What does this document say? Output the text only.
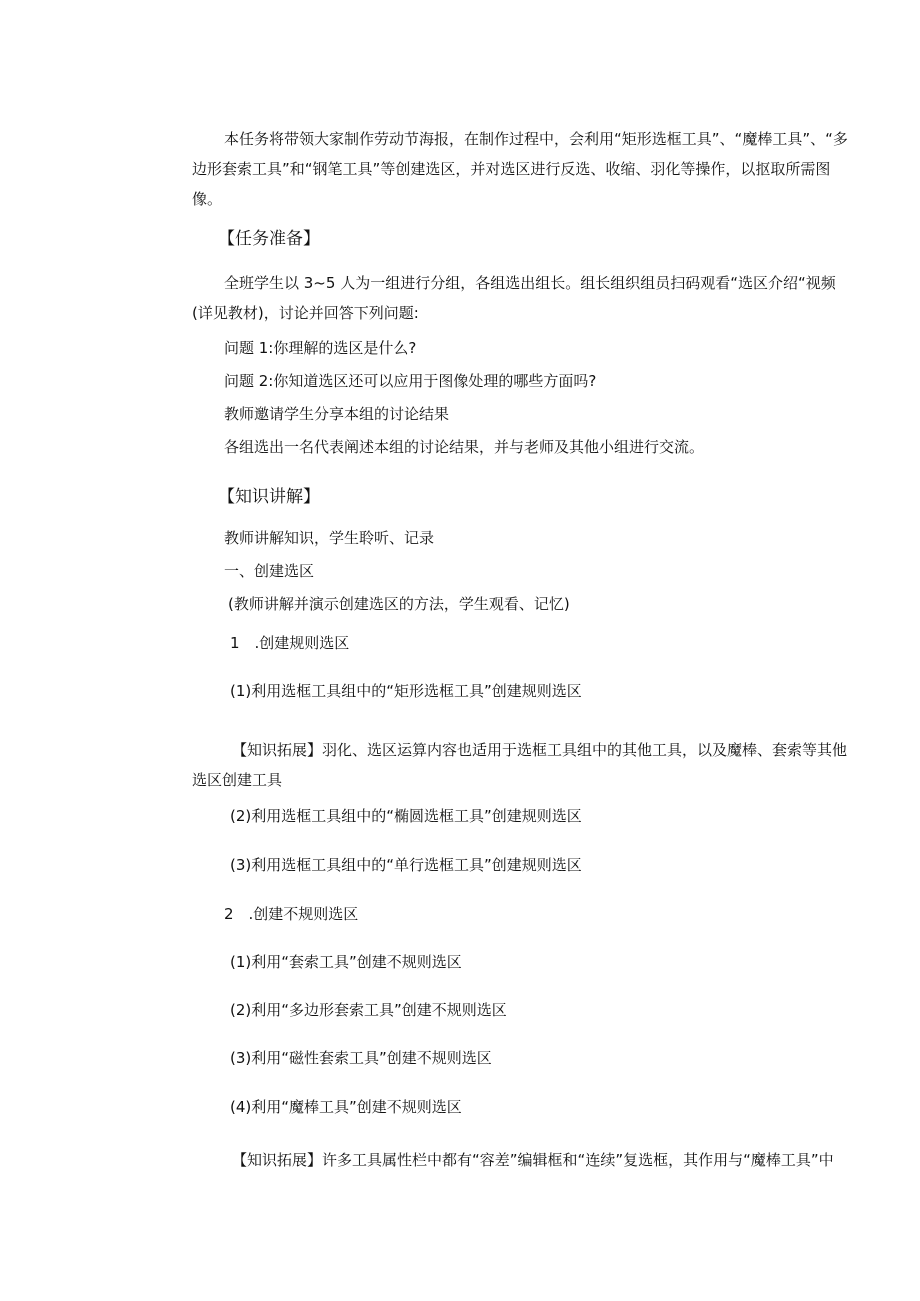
本任务将带领大家制作劳动节海报，在制作过程中，会利用“矩形选框工具”、“魔棒工具”、“多边形套索工具”和“钢笔工具”等创建选区，并对选区进行反选、收缩、羽化等操作，以抠取所需图像。

【任务准备】

全班学生以 3~5 人为一组进行分组，各组选出组长。组长组织组员扫码观看“选区介绍“视频(详见教材)，讨论并回答下列问题:

问题 1:你理解的选区是什么?
问题 2:你知道选区还可以应用于图像处理的哪些方面吗?
教师邀请学生分享本组的讨论结果
各组选出一名代表阐述本组的讨论结果，并与老师及其他小组进行交流。
【知识讲解】
教师讲解知识，学生聆听、记录
一、创建选区
(教师讲解并演示创建选区的方法，学生观看、记忆)
1　.创建规则选区
(1)利用选框工具组中的“矩形选框工具”创建规则选区

【知识拓展】羽化、选区运算内容也适用于选框工具组中的其他工具，以及魔棒、套索等其他选区创建工具

(2)利用选框工具组中的“椭圆选框工具”创建规则选区
(3)利用选框工具组中的“单行选框工具”创建规则选区
2　.创建不规则选区
(1)利用“套索工具”创建不规则选区
(2)利用“多边形套索工具”创建不规则选区
(3)利用“磁性套索工具”创建不规则选区
(4)利用“魔棒工具”创建不规则选区
【知识拓展】许多工具属性栏中都有“容差”编辑框和“连续”复选框，其作用与“魔棒工具”中
